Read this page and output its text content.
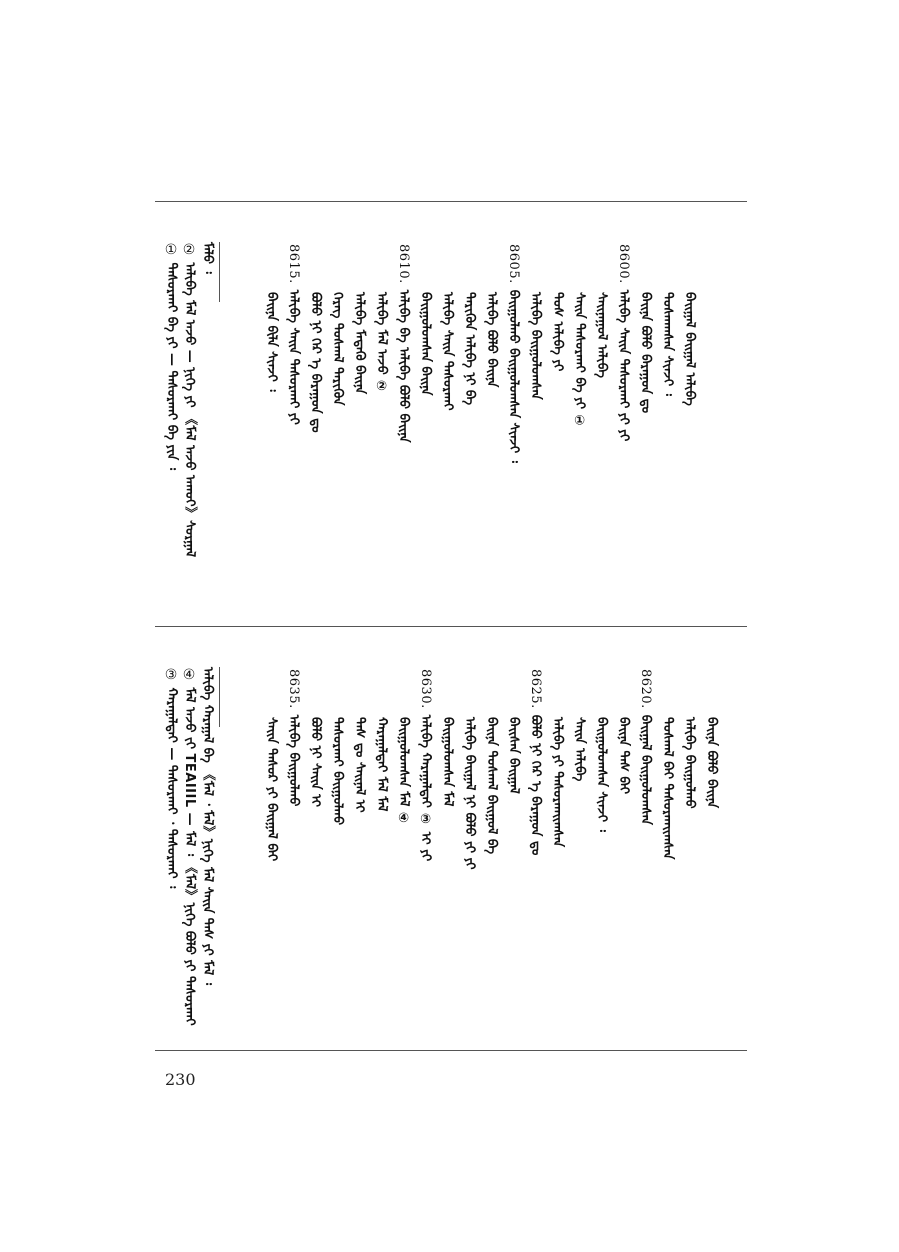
① ᠲᠠᠰᠤᠷᠬᠠᠢ ᠪᠡ ᠶᠢ — ᠲᠠᠰᠤᠷᠬᠠᠢ ᠪᠡ ᠶᠢᠨ ᠄
② ᠠᠯᠢᠪᠠ ᠮᠠᠯ ᠠᠵᠤ — ᠨᠢᠭᠡ ᠶᠢ 《ᠮᠠᠯ ᠠᠵᠤ ᠠᠬᠤᠢ》ᠰᠤᠷᠭᠠᠯ
ᠮᠠᠯᠤ ᠄
ᠪᠠᠢᠨᠠ ᠪᠢᠯᠡ ᠰᠢᠨᠵᠢ ᠄
8615.ᠠᠯᠢᠪᠠ ᠰᠠᠢᠨ ᠲᠠᠰᠤᠷᠬᠠᠢ ᠶᠢ ᠪᠤᠯᠤ ᠨᠢ ᠭᠡᠷ ᠡ ᠪᠠᠷᠠᠭᠤᠨ ᠳᠤ ᠬᠡᠷᠡᠭ ᠲᠤᠰᠬᠠᠯ ᠲᠡᠷᠢᠭᠦᠨ ᠠᠯᠢᠪᠠ ᠮᠡᠳᠡᠬᠦ ᠪᠠᠢᠨᠠ ᠠᠯᠢᠪᠠ ᠮᠠᠯ ᠠᠵᠤ ②
8610.ᠠᠯᠢᠪᠠ ᠪᠡ ᠠᠯᠢᠪᠠ ᠪᠤᠯᠤ ᠪᠠᠢᠨᠠ ᠪᠠᠢᠭᠤᠯᠤᠭᠰᠠᠨ ᠪᠠᠢᠨᠠ ᠠᠯᠢᠪᠠ ᠰᠠᠢᠨ ᠲᠠᠰᠤᠷᠬᠠᠢ ᠲᠡᠷᠢᠭᠦᠨ ᠠᠯᠢᠪᠠ ᠨᠢ ᠪᠡ ᠠᠯᠢᠪᠠ ᠪᠤᠯᠤ ᠪᠠᠢᠨᠠ
8605.ᠪᠠᠢᠭᠤᠯᠬᠤ ᠪᠠᠢᠭᠤᠯᠤᠭᠰᠠᠨ ᠰᠢᠨᠵᠢ ᠄ ᠠᠯᠢᠪᠠ ᠪᠠᠢᠭᠤᠯᠤᠭᠰᠠᠨ ᠲᠤᠰ ᠠᠯᠢᠪᠠ ᠶᠢ ᠰᠠᠢᠨ ᠲᠠᠰᠤᠷᠬᠠᠢ ᠪᠡ ᠶᠢ ① ᠰᠠᠢᠨᠠᠭᠤᠯ ᠠᠯᠢᠪᠠ
8600.ᠠᠯᠢᠪᠠ ᠰᠠᠢᠨ ᠲᠠᠰᠤᠷᠬᠠᠢ ᠶᠢ ᠶᠢ ᠪᠠᠢᠨᠠ ᠪᠤᠯᠤ ᠪᠠᠷᠠᠭᠤᠨ ᠳᠤ ᠲᠤᠰᠬᠠᠭᠰᠠᠨ ᠰᠢᠨᠵᠢ ᠄ ᠪᠠᠢᠭᠠᠯ ᠪᠠᠢᠭᠠᠯ ᠠᠯᠢᠪᠠ
③ ᠬᠠᠷᠠᠭᠠᠯᠲᠠᠢ — ᠲᠠᠰᠤᠷᠬᠠᠢ ᠂ ᠲᠠᠰᠤᠷᠬᠠᠢ ᠄
④ ᠮᠠᠯ ᠠᠵᠤ ᠵᠢ TEAIIIL — ᠮᠠᠯ ᠄ 《ᠮᠠᠯ》ᠨᠢᠭᠡ ᠪᠤᠯᠤ ᠶᠢ ᠲᠠᠰᠤᠷᠬᠠᠢ ᠠᠯᠢᠪᠠ ᠬᠠᠷᠠᠭᠠᠯ ᠪᠡ 《ᠮᠠᠯ ᠂ ᠮᠠᠯ》ᠨᠢᠭᠡ ᠮᠠᠯ ᠰᠠᠢᠨ ᠲᠠᠰ ᠶᠢ ᠮᠠᠯ ᠄	ᠰᠠᠢᠨ ᠲᠠᠰᠤᠷ ᠶᠢ ᠪᠠᠢᠭᠠᠯ ᠪᠠᠢ
8635.ᠠᠯᠢᠪᠠ ᠪᠠᠢᠭᠤᠯᠬᠤ ᠪᠤᠯᠤ ᠨᠢ ᠰᠠᠢᠨ ᠢ ᠲᠠᠰᠤᠷᠬᠠᠢ ᠪᠠᠢᠭᠤᠯᠬᠤ ᠲᠠᠰ ᠳᠤ ᠰᠠᠢᠨᠠᠯ ᠢ ᠬᠠᠷᠠᠭᠠᠯᠲᠠᠢ ᠮᠠᠯ ᠮᠠᠯ ᠪᠠᠢᠭᠤᠯᠤᠭᠰᠠᠨ ᠮᠠᠯ ④
8630.ᠠᠯᠢᠪᠠ ᠬᠠᠷᠠᠭᠠᠯᠲᠠᠢ ③ ᠢ ᠶᠢ ᠪᠠᠢᠭᠤᠯᠤᠭᠰᠠᠨ ᠮᠠᠯ ᠠᠯᠢᠪᠠ ᠪᠠᠢᠭᠠᠯ ᠨᠢ ᠪᠤᠯᠤ ᠶᠢ ᠶᠢ ᠪᠠᠢᠨᠠ ᠲᠤᠰᠬᠠᠯ ᠪᠠᠢᠭᠤᠯ ᠪᠡ ᠪᠠᠢᠰᠠᠨ ᠪᠠᠢᠭᠠᠯ
8625.ᠪᠤᠯᠤ ᠨᠢ ᠭᠡᠷ ᠡ ᠪᠠᠷᠠᠭᠤᠨ ᠳᠤ ᠠᠯᠢᠪᠠ ᠶᠢ ᠲᠠᠰᠤᠷᠬᠠᠢᠭᠰᠠᠨ ᠰᠠᠢᠨ ᠠᠯᠢᠪᠠ ᠪᠠᠢᠭᠤᠯᠤᠭᠰᠠᠨ ᠰᠢᠨᠵᠢ ᠄ ᠪᠠᠢᠨᠠ ᠲᠠᠰ ᠪᠠᠢ
8620.ᠪᠠᠢᠭᠠᠯ ᠪᠠᠢᠭᠤᠯᠤᠭᠰᠠᠨ ᠲᠤᠰᠬᠠᠯ ᠪᠠᠢ ᠲᠠᠰᠤᠷᠬᠠᠢᠭᠰᠠᠨ ᠠᠯᠢᠪᠠ ᠪᠠᠢᠭᠤᠯᠬᠤ ᠪᠠᠢᠨᠠ ᠪᠤᠯᠤ ᠪᠠᠢᠨᠠ
230
